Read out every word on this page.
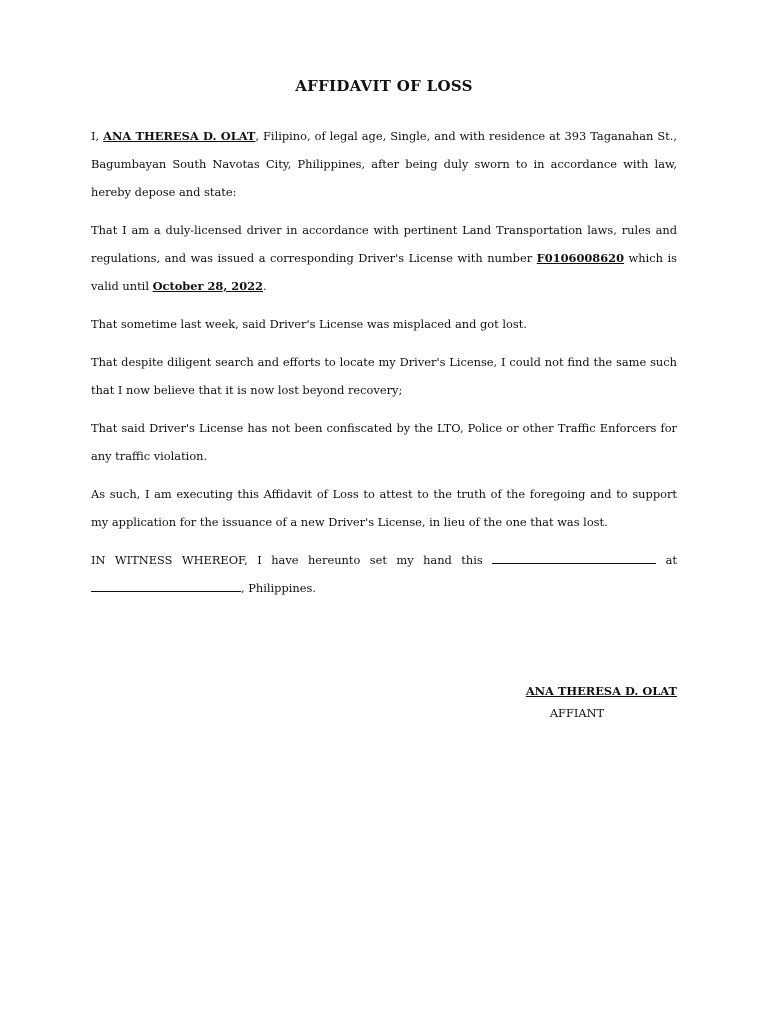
AFFIDAVIT OF LOSS

I, ANA THERESA D. OLAT, Filipino, of legal age, Single, and with residence at 393 Taganahan St., Bagumbayan South Navotas City, Philippines, after being duly sworn to in accordance with law, hereby depose and state:

That I am a duly-licensed driver in accordance with pertinent Land Transportation laws, rules and regulations, and was issued a corresponding Driver's License with number F0106008620 which is valid until October 28, 2022.

That sometime last week, said Driver's License was misplaced and got lost.

That despite diligent search and efforts to locate my Driver's License, I could not find the same such that I now believe that it is now lost beyond recovery;

That said Driver's License has not been confiscated by the LTO, Police or other Traffic Enforcers for any traffic violation.

As such, I am executing this Affidavit of Loss to attest to the truth of the foregoing and to support my application for the issuance of a new Driver's License, in lieu of the one that was lost.

IN WITNESS WHEREOF, I have hereunto set my hand this	at , Philippines.

ANA THERESA D. OLAT
AFFIANT
